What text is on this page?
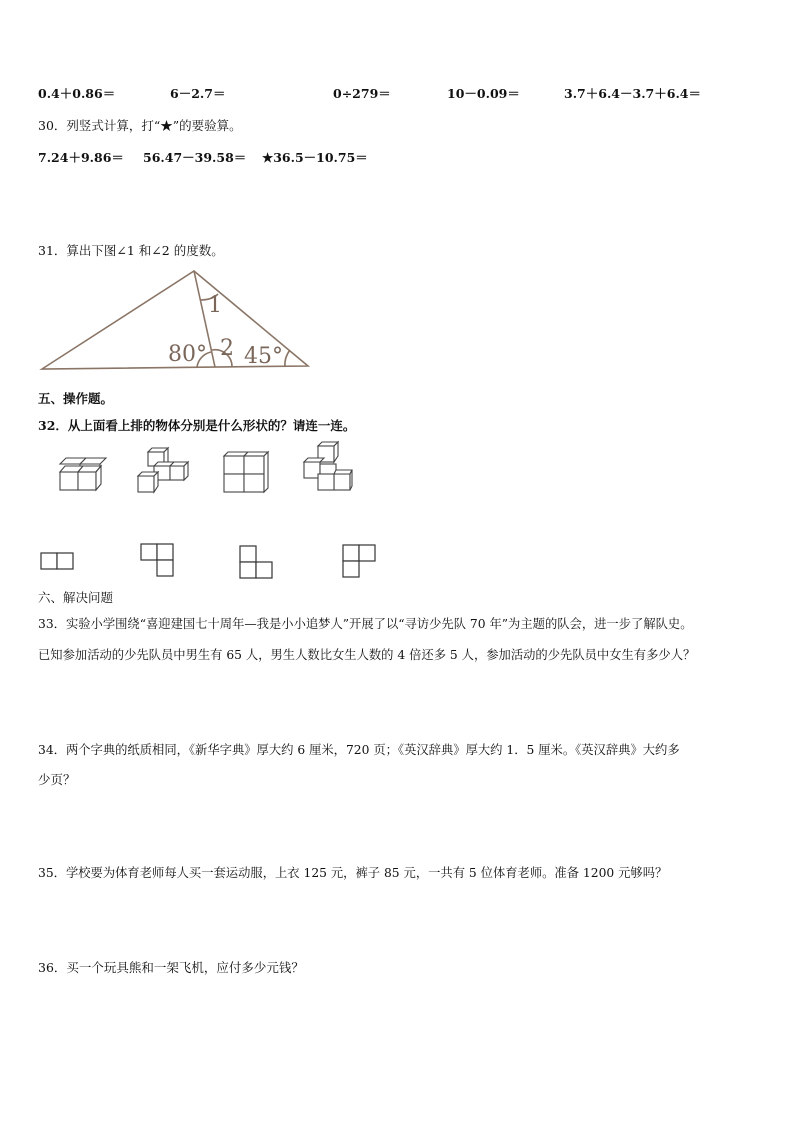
0.4＋0.86＝	6－2.7＝	0÷279＝	10－0.09＝	3.7＋6.4－3.7＋6.4＝
30．列竖式计算，打“★”的要验算。
7.24＋9.86＝ 56.47－39.58＝ ★36.5－10.75＝
31．算出下图∠1 和∠2 的度数。
1
2
80° 45°
五、操作题。
32．从上面看上排的物体分别是什么形状的？请连一连。
六、解决问题
33．实验小学围绕“喜迎建国七十周年—我是小小追梦人”开展了以“寻访少先队 70 年”为主题的队会，进一步了解队史。
已知参加活动的少先队员中男生有 65 人，男生人数比女生人数的 4 倍还多 5 人，参加活动的少先队员中女生有多少人？
34．两个字典的纸质相同，《新华字典》厚大约 6 厘米，720 页；《英汉辞典》厚大约 1．5 厘米。《英汉辞典》大约多
少页？
35．学校要为体育老师每人买一套运动服，上衣 125 元，裤子 85 元，一共有 5 位体育老师。准备 1200 元够吗？
36．买一个玩具熊和一架飞机，应付多少元钱？
